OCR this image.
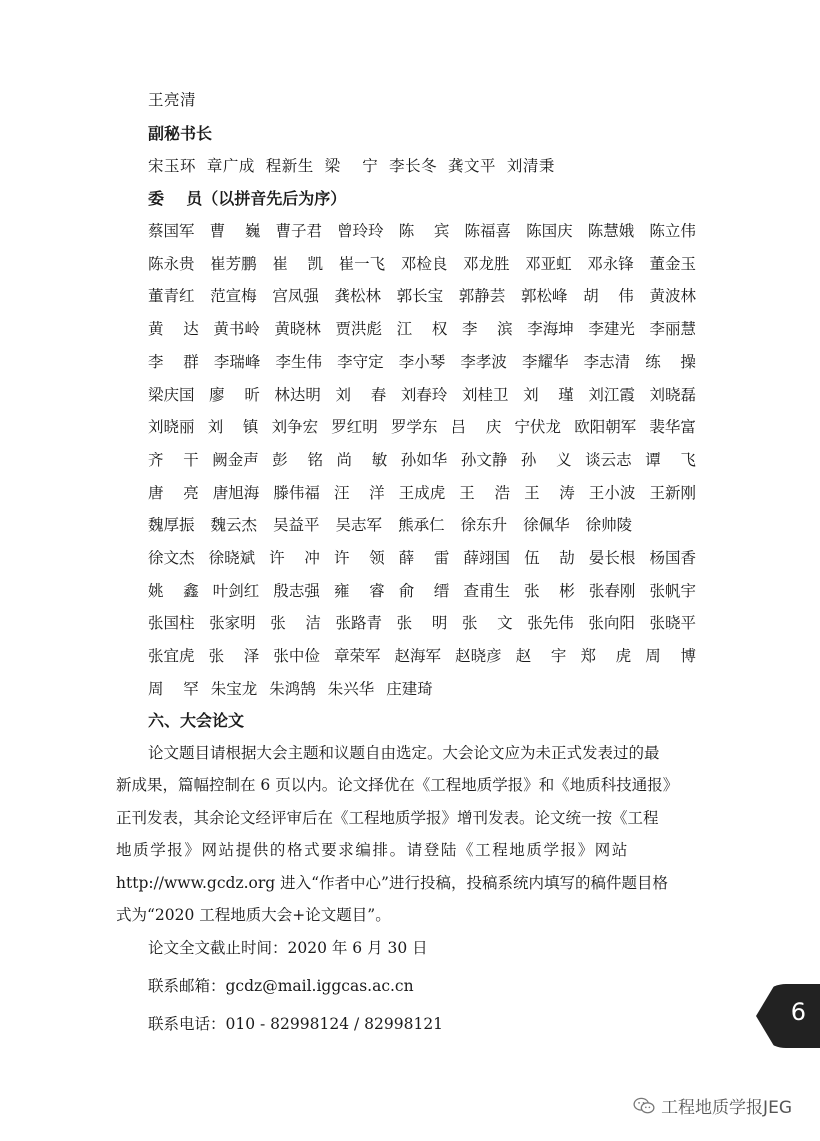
王亮清
副秘书长
宋玉环  章广成  程新生  梁    宁  李长冬  龚文平  刘清秉
委    员（以拼音先后为序）
蔡国军 曹    巍 曹子君 曾玲玲 陈    宾 陈福喜 陈国庆 陈慧娥 陈立伟
陈永贵 崔芳鹏 崔    凯 崔一飞 邓检良 邓龙胜 邓亚虹 邓永锋 董金玉
董青红 范宣梅 宫凤强 龚松林 郭长宝 郭静芸 郭松峰 胡    伟 黄波林
黄    达 黄书岭 黄晓林 贾洪彪 江    权 李    滨 李海坤 李建光 李丽慧
李    群 李瑞峰 李生伟 李守定 李小琴 李孝波 李耀华 李志清 练    操
梁庆国 廖    昕 林达明 刘    春 刘春玲 刘桂卫 刘    瑾 刘江霞 刘晓磊
刘晓丽 刘    镇 刘争宏 罗红明 罗学东 吕    庆 宁伏龙 欧阳朝军 裴华富
齐    干 阙金声 彭    铭 尚    敏 孙如华 孙文静 孙    义 谈云志 谭    飞
唐    亮 唐旭海 滕伟福 汪    洋 王成虎 王    浩 王    涛 王小波 王新刚
魏厚振 魏云杰 吴益平 吴志军 熊承仁 徐东升 徐佩华 徐帅陵
徐文杰 徐晓斌 许    冲 许    领 薛    雷 薛翊国 伍    劼 晏长根 杨国香
姚    鑫 叶剑红 殷志强 雍    睿 俞    缙 查甫生 张    彬 张春刚 张帆宇
张国柱 张家明 张    洁 张路青 张    明 张    文 张先伟 张向阳 张晓平
张宜虎 张    泽 张中俭 章荣军 赵海军 赵晓彦 赵    宇 郑    虎 周    博
周    罕 朱宝龙 朱鸿鹄 朱兴华 庄建琦
六、大会论文
论文题目请根据大会主题和议题自由选定。大会论文应为未正式发表过的最
新成果，篇幅控制在 6 页以内。论文择优在《工程地质学报》和《地质科技通报》
正刊发表，其余论文经评审后在《工程地质学报》增刊发表。论文统一按《工程
地质学报》网站提供的格式要求编排。请登陆《工程地质学报》网站
http://www.gcdz.org 进入“作者中心”进行投稿，投稿系统内填写的稿件题目格
式为“2020 工程地质大会+论文题目”。
论文全文截止时间：2020 年 6 月 30 日
联系邮箱：gcdz@mail.iggcas.ac.cn
联系电话：010 - 82998124 / 82998121	6
工程地质学报JEG
